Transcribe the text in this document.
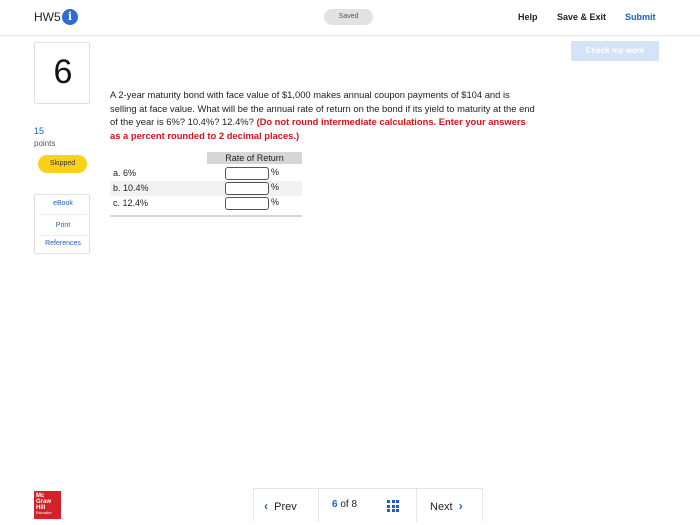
HW5 i	Saved	Help Save & Exit Submit
Check my work
6
15
points
Skipped
eBook
Print
References
A 2-year maturity bond with face value of $1,000 makes annual coupon payments of $104 and is selling at face value. What will be the annual rate of return on the bond if its yield to maturity at the end of the year is 6%? 10.4%? 12.4%? (Do not round intermediate calculations. Enter your answers as a percent rounded to 2 decimal places.)
Rate of Return
a. 6%	%
b. 10.4%	%
c. 12.4%	%
Mc
Graw
Hill
Education	‹ Prev	6 of 8	Next ›
